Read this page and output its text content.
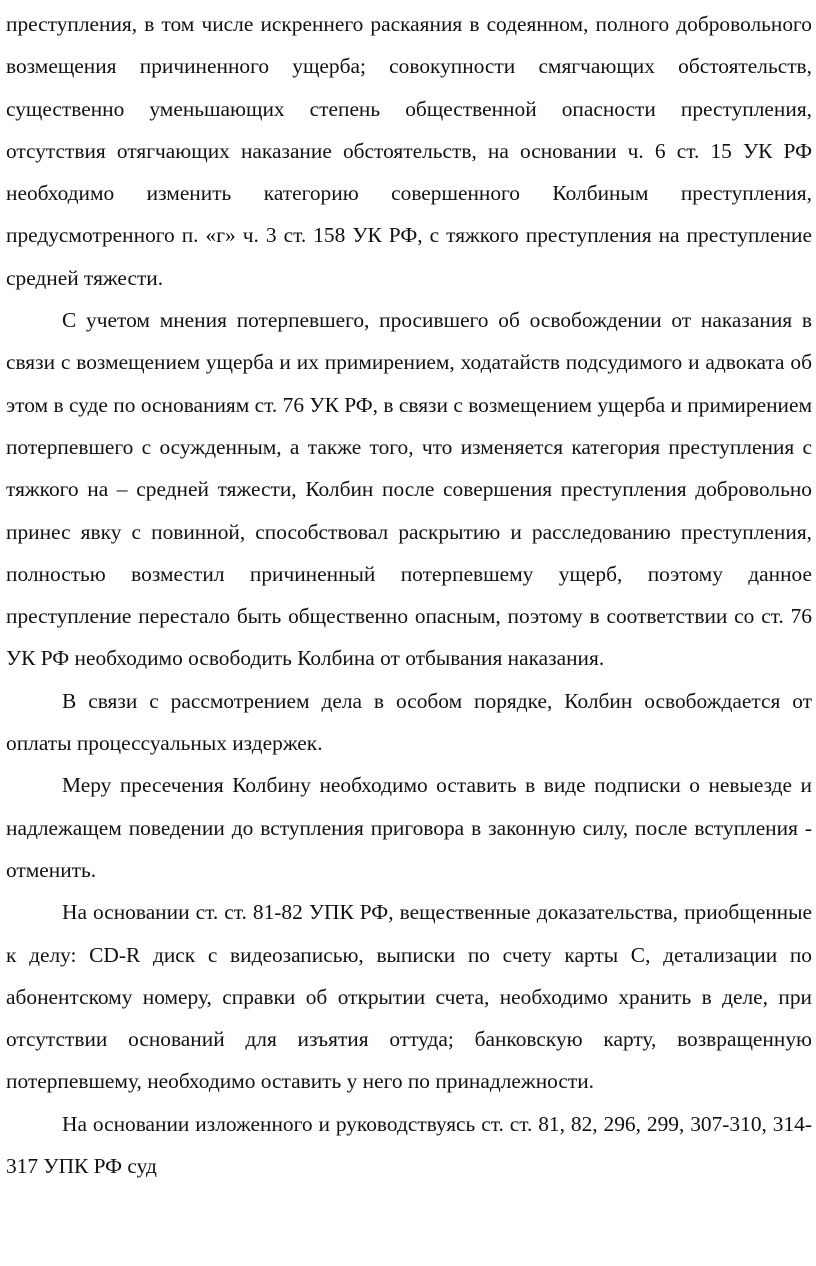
преступления, в том числе искреннего раскаяния в содеянном, полного добровольного возмещения причиненного ущерба; совокупности смягчающих обстоятельств, существенно уменьшающих степень общественной опасности преступления, отсутствия отягчающих наказание обстоятельств, на основании ч. 6 ст. 15 УК РФ необходимо изменить категорию совершенного Колбиным преступления, предусмотренного п. «г» ч. 3 ст. 158 УК РФ, с тяжкого преступления на преступление средней тяжести.

С учетом мнения потерпевшего, просившего об освобождении от наказания в связи с возмещением ущерба и их примирением, ходатайств подсудимого и адвоката об этом в суде по основаниям ст. 76 УК РФ, в связи с возмещением ущерба и примирением потерпевшего с осужденным, а также того, что изменяется категория преступления с тяжкого на – средней тяжести, Колбин после совершения преступления добровольно принес явку с повинной, способствовал раскрытию и расследованию преступления, полностью возместил причиненный потерпевшему ущерб, поэтому данное преступление перестало быть общественно опасным, поэтому в соответствии со ст. 76 УК РФ необходимо освободить Колбина от отбывания наказания.

В связи с рассмотрением дела в особом порядке, Колбин освобождается от оплаты процессуальных издержек.

Меру пресечения Колбину необходимо оставить в виде подписки о невыезде и надлежащем поведении до вступления приговора в законную силу, после вступления - отменить.

На основании ст. ст. 81-82 УПК РФ, вещественные доказательства, приобщенные к делу: CD-R диск с видеозаписью, выписки по счету карты С, детализации по абонентскому номеру, справки об открытии счета, необходимо хранить в деле, при отсутствии оснований для изъятия оттуда; банковскую карту, возвращенную потерпевшему, необходимо оставить у него по принадлежности.

На основании изложенного и руководствуясь ст. ст. 81, 82, 296, 299, 307-310, 314-317 УПК РФ суд
